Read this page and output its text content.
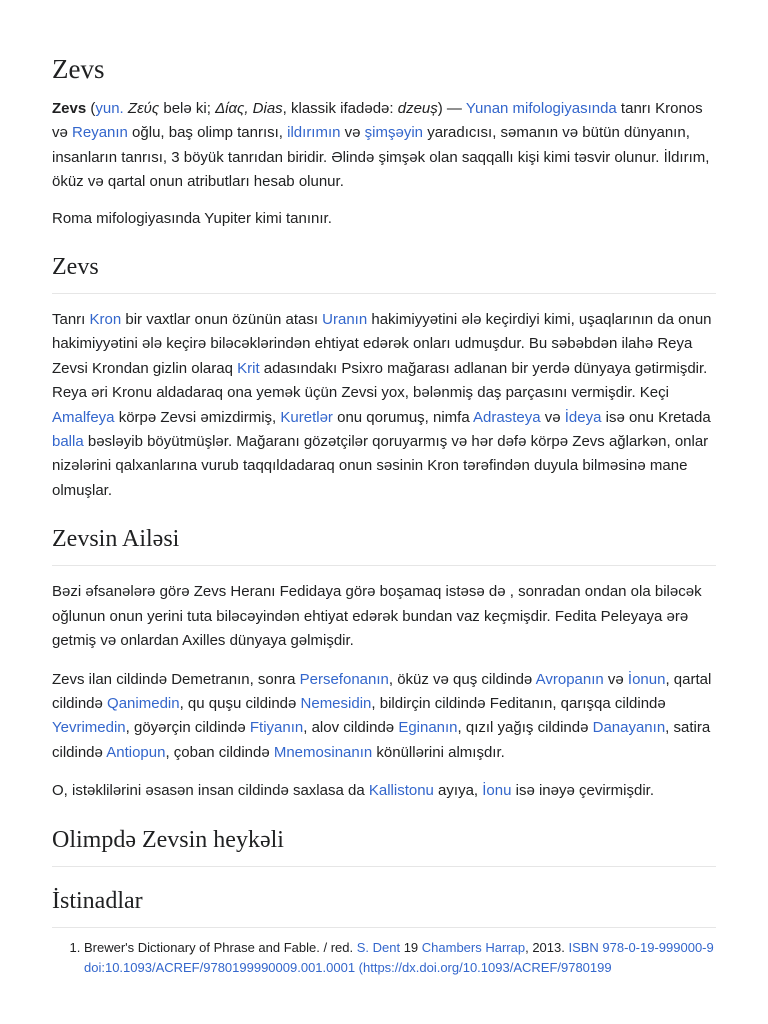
Zevs

Zevs (yun. Ζεύς belə ki; Δίας, Dias, klassik ifadədə: dzeuș) — Yunan mifologiyasında tanrı Kronos və Reyanın oğlu, baş olimp tanrısı, ildırımın və şimşəyin yaradıcısı, səmanın və bütün dünyanın, insanların tanrısı, 3 böyük tanrıdan biridir. Əlində şimşək olan saqqallı kişi kimi təsvir olunur. İldırım, öküz və qartal onun atributları hesab olunur.

Roma mifologiyasında Yupiter kimi tanınır.

Zevs

Tanrı Kron bir vaxtlar onun özünün atası Uranın hakimiyyətini ələ keçirdiyi kimi, uşaqlarının da onun hakimiyyətini ələ keçirə biləcəklərindən ehtiyat edərək onları udmuşdur. Bu səbəbdən ilahə Reya Zevsi Krondan gizlin olaraq Krit adasındakı Psixro mağarası adlanan bir yerdə dünyaya gətirmişdir. Reya əri Kronu aldadaraq ona yemək üçün Zevsi yox, bələnmiş daş parçasını vermişdir. Keçi Amalfeya körpə Zevsi əmizdirmiş, Kuretlər onu qorumuş, nimfa Adrasteya və İdeya isə onu Kretada balla bəsləyib böyütmüşlər. Mağaranı gözətçilər qoruyarmış və hər dəfə körpə Zevs ağlarkən, onlar nizələrini qalxanlarına vurub taqqıldadaraq onun səsinin Kron tərəfindən duyula bilməsinə mane olmuşlar.

Zevsin Ailəsi

Bəzi əfsanələrə görə Zevs Heranı Fedidaya görə boşamaq istəsə də , sonradan ondan ola biləcək oğlunun onun yerini tuta biləcəyindən ehtiyat edərək bundan vaz keçmişdir. Fedita Peleyaya ərə getmiş və onlardan Axilles dünyaya gəlmişdir.

Zevs ilan cildində Demetranın, sonra Persefonanın, öküz və quş cildində Avropanın və İonun, qartal cildində Qanimedin, qu quşu cildində Nemesidin, bildirçin cildində Feditanın, qarışqa cildində Yevrimedin, göyərçin cildində Ftiyanın, alov cildində Eginanın, qızıl yağış cildində Danayanın, satira cildində Antiopun, çoban cildində Mnemosinanın könüllərini almışdır.

O, istəklilərini əsasən insan cildində saxlasa da Kallistonu ayıya, İonu isə inəyə çevirmişdir.

Olimpdə Zevsin heykəli
İstinadlar
1. Brewer's Dictionary of Phrase and Fable. / red. S. Dent 19 Chambers Harrap, 2013. ISBN 978-0-19-999000-9 doi:10.1093/ACREF/9780199990009.001.0001 (https://dx.doi.org/10.1093/ACREF/9780199
